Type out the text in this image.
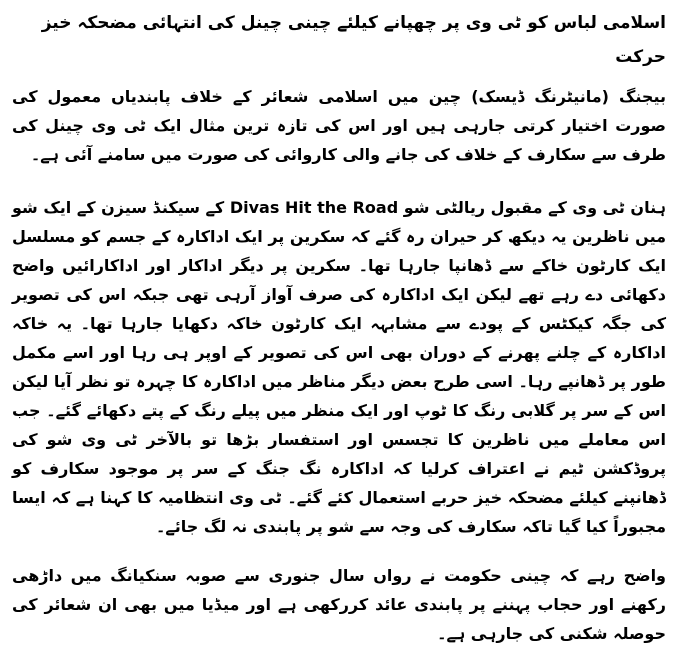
اسلامی لباس کو ٹی وی پر چھپانے کیلئے چینی چینل کی انتہائی مضحکہ خیز حرکت

بیجنگ (مانیٹرنگ ڈیسک) چین میں اسلامی شعائر کے خلاف پابندیاں معمول کی صورت اختیار کرتی جارہی ہیں اور اس کی تازہ ترین مثال ایک ٹی وی چینل کی طرف سے سکارف کے خلاف کی جانے والی کاروائی کی صورت میں سامنے آئی ہے۔

ہنان ٹی وی کے مقبول ریالٹی شو Divas Hit the Road کے سیکنڈ سیزن کے ایک شو میں ناظرین یہ دیکھ کر حیران رہ گئے کہ سکرین پر ایک اداکارہ کے جسم کو مسلسل ایک کارٹون خاکے سے ڈھانپا جارہا تھا۔ سکرین پر دیگر اداکار اور اداکارائیں واضح دکھائی دے رہے تھے لیکن ایک اداکارہ کی صرف آواز آرہی تھی جبکہ اس کی تصویر کی جگہ کیکٹس کے پودے سے مشابہہ ایک کارٹون خاکہ دکھایا جارہا تھا۔ یہ خاکہ اداکارہ کے چلنے پھرنے کے دوران بھی اس کی تصویر کے اوپر ہی رہا اور اسے مکمل طور پر ڈھانپے رہا۔ اسی طرح بعض دیگر مناظر میں اداکارہ کا چہرہ تو نظر آیا لیکن اس کے سر پر گلابی رنگ کا ٹوپ اور ایک منظر میں پیلے رنگ کے پتے دکھائے گئے۔ جب اس معاملے میں ناظرین کا تجسس اور استفسار بڑھا تو بالآخر ٹی وی شو کی پروڈکشن ٹیم نے اعتراف کرلیا کہ اداکارہ نگ جنگ کے سر پر موجود سکارف کو ڈھانپنے کیلئے مضحکہ خیز حربے استعمال کئے گئے۔ ٹی وی انتظامیہ کا کہنا ہے کہ ایسا مجبوراً کیا گیا تاکہ سکارف کی وجہ سے شو پر پابندی نہ لگ جائے۔

واضح رہے کہ چینی حکومت نے رواں سال جنوری سے صوبہ سنکیانگ میں داڑھی رکھنے اور حجاب پہننے پر پابندی عائد کررکھی ہے اور میڈیا میں بھی ان شعائر کی حوصلہ شکنی کی جارہی ہے۔
